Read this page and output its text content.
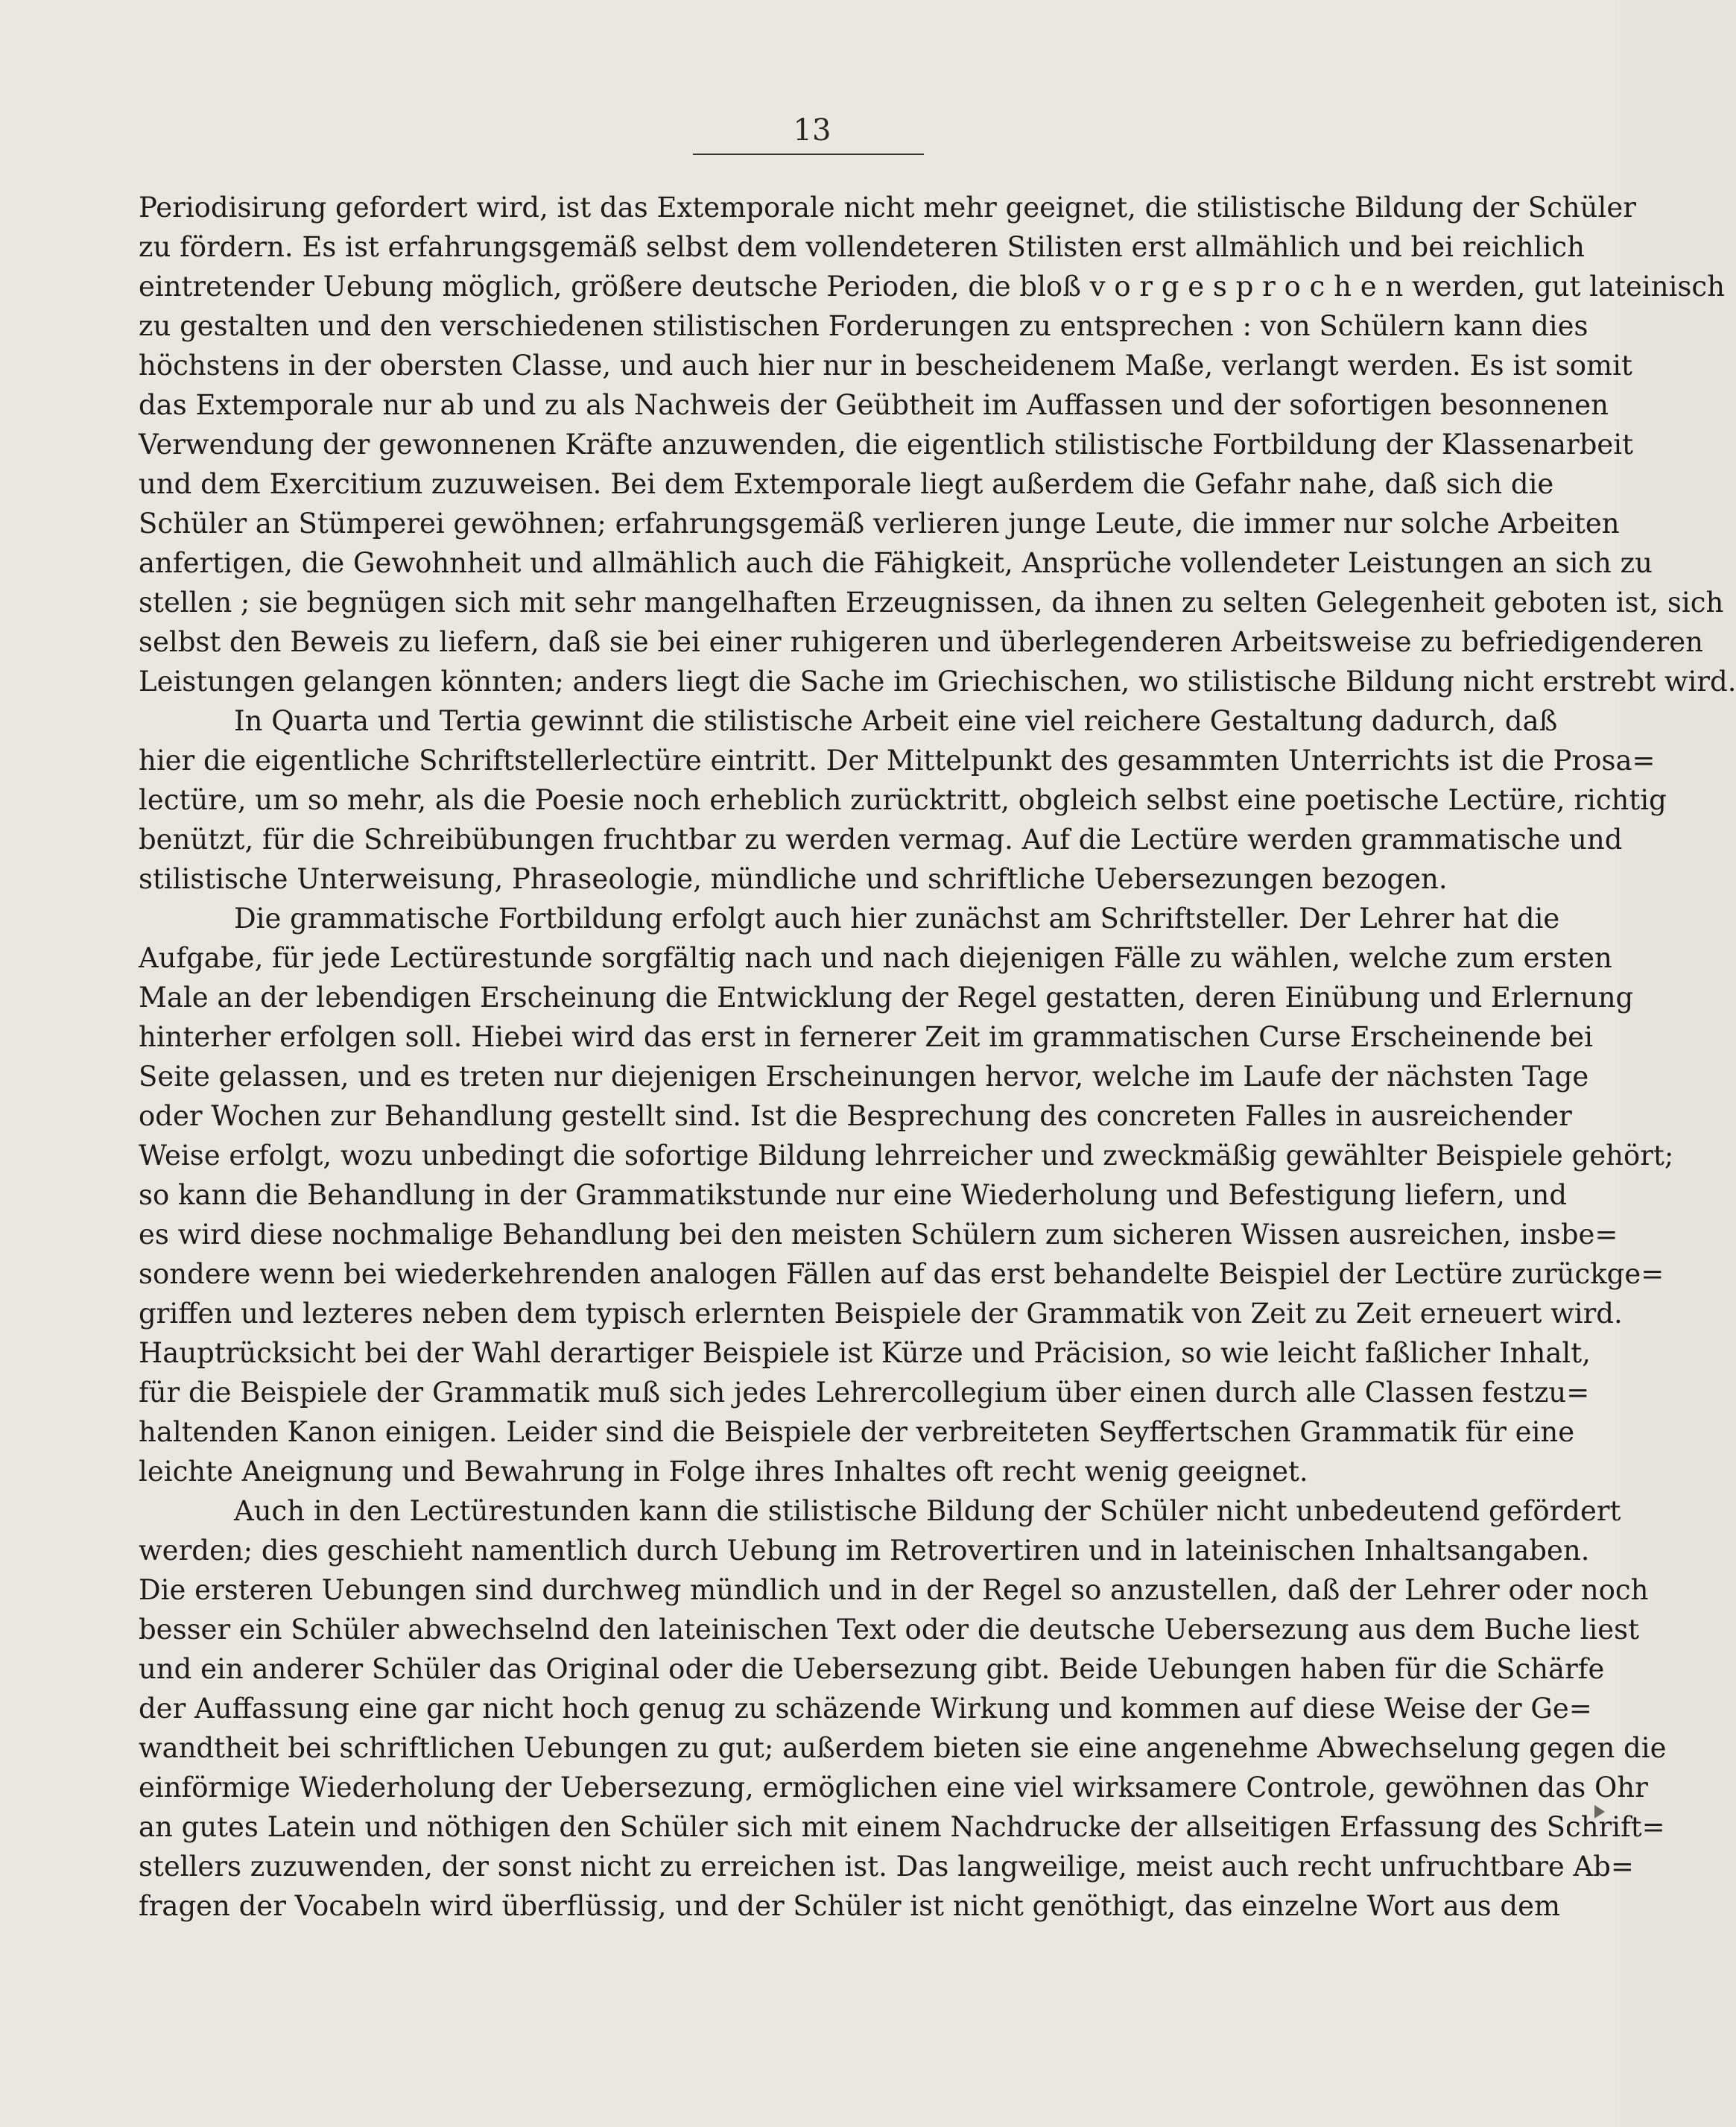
13
Periodisirung gefordert wird, ist das Extemporale nicht mehr geeignet, die stilistische Bildung der Schüler
zu fördern. Es ist erfahrungsgemäß selbst dem vollendeteren Stilisten erst allmählich und bei reichlich
eintretender Uebung möglich, größere deutsche Perioden, die bloß v o r g e s p r o c h e n werden, gut lateinisch
zu gestalten und den verschiedenen stilistischen Forderungen zu entsprechen : von Schülern kann dies
höchstens in der obersten Classe, und auch hier nur in bescheidenem Maße, verlangt werden. Es ist somit
das Extemporale nur ab und zu als Nachweis der Geübtheit im Auffassen und der sofortigen besonnenen
Verwendung der gewonnenen Kräfte anzuwenden, die eigentlich stilistische Fortbildung der Klassenarbeit
und dem Exercitium zuzuweisen. Bei dem Extemporale liegt außerdem die Gefahr nahe, daß sich die
Schüler an Stümperei gewöhnen; erfahrungsgemäß verlieren junge Leute, die immer nur solche Arbeiten
anfertigen, die Gewohnheit und allmählich auch die Fähigkeit, Ansprüche vollendeter Leistungen an sich zu
stellen ; sie begnügen sich mit sehr mangelhaften Erzeugnissen, da ihnen zu selten Gelegenheit geboten ist, sich
selbst den Beweis zu liefern, daß sie bei einer ruhigeren und überlegenderen Arbeitsweise zu befriedigenderen
Leistungen gelangen könnten; anders liegt die Sache im Griechischen, wo stilistische Bildung nicht erstrebt wird.
In Quarta und Tertia gewinnt die stilistische Arbeit eine viel reichere Gestaltung dadurch, daß
hier die eigentliche Schriftstellerlectüre eintritt. Der Mittelpunkt des gesammten Unterrichts ist die Prosa=
lectüre, um so mehr, als die Poesie noch erheblich zurücktritt, obgleich selbst eine poetische Lectüre, richtig
benützt, für die Schreibübungen fruchtbar zu werden vermag. Auf die Lectüre werden grammatische und
stilistische Unterweisung, Phraseologie, mündliche und schriftliche Uebersezungen bezogen.
Die grammatische Fortbildung erfolgt auch hier zunächst am Schriftsteller. Der Lehrer hat die
Aufgabe, für jede Lectürestunde sorgfältig nach und nach diejenigen Fälle zu wählen, welche zum ersten
Male an der lebendigen Erscheinung die Entwicklung der Regel gestatten, deren Einübung und Erlernung
hinterher erfolgen soll. Hiebei wird das erst in fernerer Zeit im grammatischen Curse Erscheinende bei
Seite gelassen, und es treten nur diejenigen Erscheinungen hervor, welche im Laufe der nächsten Tage
oder Wochen zur Behandlung gestellt sind. Ist die Besprechung des concreten Falles in ausreichender
Weise erfolgt, wozu unbedingt die sofortige Bildung lehrreicher und zweckmäßig gewählter Beispiele gehört;
so kann die Behandlung in der Grammatikstunde nur eine Wiederholung und Befestigung liefern, und
es wird diese nochmalige Behandlung bei den meisten Schülern zum sicheren Wissen ausreichen, insbe=
sondere wenn bei wiederkehrenden analogen Fällen auf das erst behandelte Beispiel der Lectüre zurückge=
griffen und lezteres neben dem typisch erlernten Beispiele der Grammatik von Zeit zu Zeit erneuert wird.
Hauptrücksicht bei der Wahl derartiger Beispiele ist Kürze und Präcision, so wie leicht faßlicher Inhalt,
für die Beispiele der Grammatik muß sich jedes Lehrercollegium über einen durch alle Classen festzu=
haltenden Kanon einigen. Leider sind die Beispiele der verbreiteten Seyffertschen Grammatik für eine
leichte Aneignung und Bewahrung in Folge ihres Inhaltes oft recht wenig geeignet.
Auch in den Lectürestunden kann die stilistische Bildung der Schüler nicht unbedeutend gefördert
werden; dies geschieht namentlich durch Uebung im Retrovertiren und in lateinischen Inhaltsangaben.
Die ersteren Uebungen sind durchweg mündlich und in der Regel so anzustellen, daß der Lehrer oder noch
besser ein Schüler abwechselnd den lateinischen Text oder die deutsche Uebersezung aus dem Buche liest
und ein anderer Schüler das Original oder die Uebersezung gibt. Beide Uebungen haben für die Schärfe
der Auffassung eine gar nicht hoch genug zu schäzende Wirkung und kommen auf diese Weise der Ge=
wandtheit bei schriftlichen Uebungen zu gut; außerdem bieten sie eine angenehme Abwechselung gegen die
einförmige Wiederholung der Uebersezung, ermöglichen eine viel wirksamere Controle, gewöhnen das Ohr
an gutes Latein und nöthigen den Schüler sich mit einem Nachdrucke der allseitigen Erfassung des Schrift=
stellers zuzuwenden, der sonst nicht zu erreichen ist. Das langweilige, meist auch recht unfruchtbare Ab=
fragen der Vocabeln wird überflüssig, und der Schüler ist nicht genöthigt, das einzelne Wort aus dem
